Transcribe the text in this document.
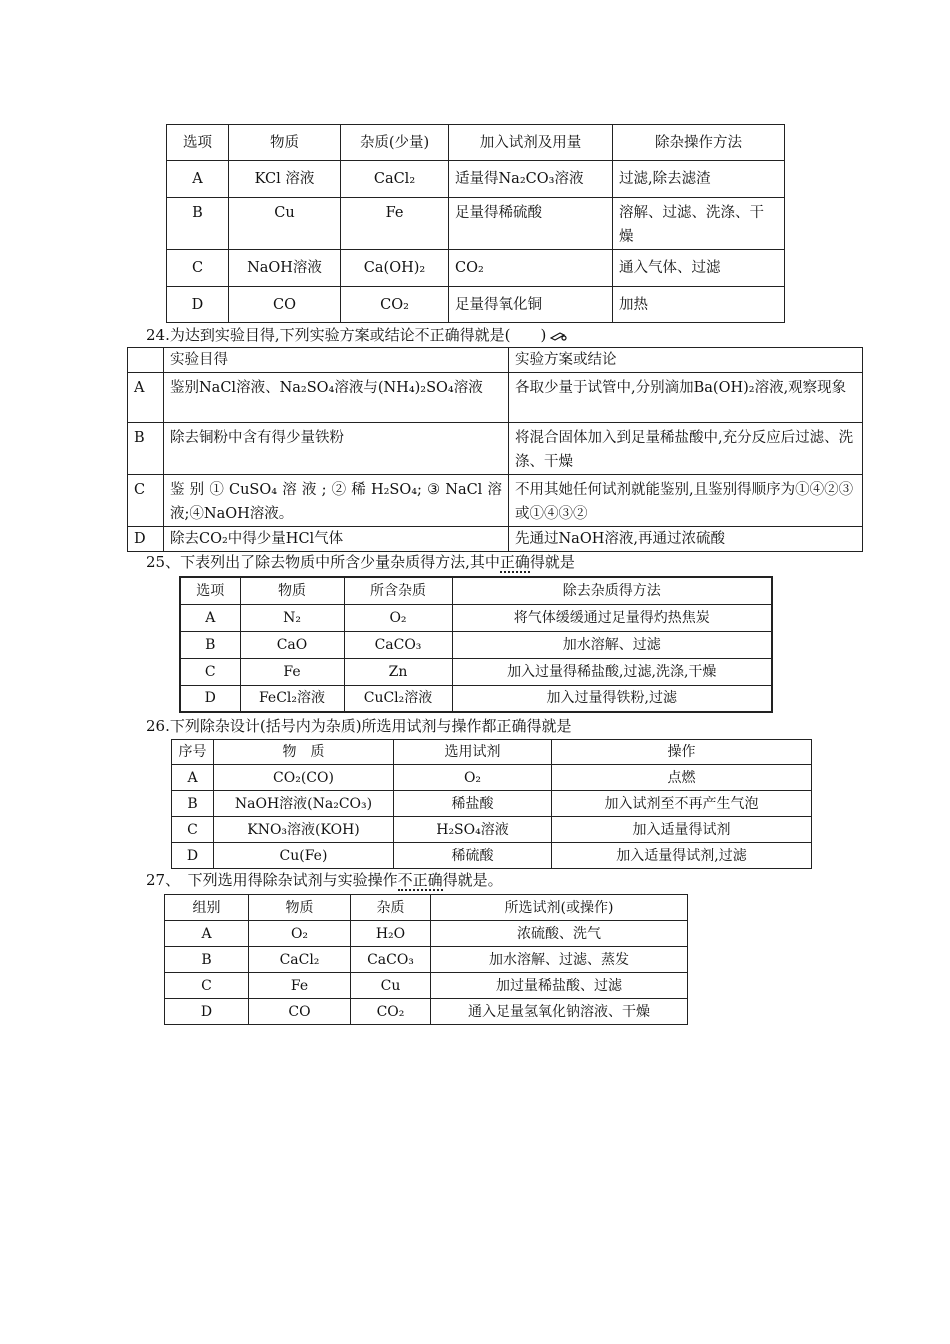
选项	物质	杂质(少量)	加入试剂及用量	除杂操作方法
A	KCl 溶液	CaCl₂	适量得Na₂CO₃溶液	过滤,除去滤渣
B	Cu	Fe	足量得稀硫酸	溶解、过滤、洗涤、干燥
C	NaOH溶液	Ca(OH)₂	CO₂	通入气体、过滤
D	CO	CO₂	足量得氧化铜	加热
24.为达到实验目得,下列实验方案或结论不正确得就是(　　)
	实验目得	实验方案或结论
A	鉴别NaCl溶液、Na₂SO₄溶液与(NH₄)₂SO₄溶液	各取少量于试管中,分别滴加Ba(OH)₂溶液,观察现象
B	除去铜粉中含有得少量铁粉	将混合固体加入到足量稀盐酸中,充分反应后过滤、洗涤、干燥
C	鉴别①CuSO₄溶液;②稀H₂SO₄;③NaCl溶液;④NaOH溶液。	不用其她任何试剂就能鉴别,且鉴别得顺序为①④②③或①④③②
D	除去CO₂中得少量HCl气体	先通过NaOH溶液,再通过浓硫酸
25、下表列出了除去物质中所含少量杂质得方法,其中正确得就是
选项	物质	所含杂质	除去杂质得方法
A	N₂	O₂	将气体缓缓通过足量得灼热焦炭
B	CaO	CaCO₃	加水溶解、过滤
C	Fe	Zn	加入过量得稀盐酸,过滤,洗涤,干燥
D	FeCl₂溶液	CuCl₂溶液	加入过量得铁粉,过滤
26.下列除杂设计(括号内为杂质)所选用试剂与操作都正确得就是
序号	物　质	选用试剂	操作
A	CO₂(CO)	O₂	点燃
B	NaOH溶液(Na₂CO₃)	稀盐酸	加入试剂至不再产生气泡
C	KNO₃溶液(KOH)	H₂SO₄溶液	加入适量得试剂
D	Cu(Fe)	稀硫酸	加入适量得试剂,过滤
27、　下列选用得除杂试剂与实验操作不正确得就是。
组别	物质	杂质	所选试剂(或操作)
A	O₂	H₂O	浓硫酸、洗气
B	CaCl₂	CaCO₃	加水溶解、过滤、蒸发
C	Fe	Cu	加过量稀盐酸、过滤
D	CO	CO₂	通入足量氢氧化钠溶液、干燥
